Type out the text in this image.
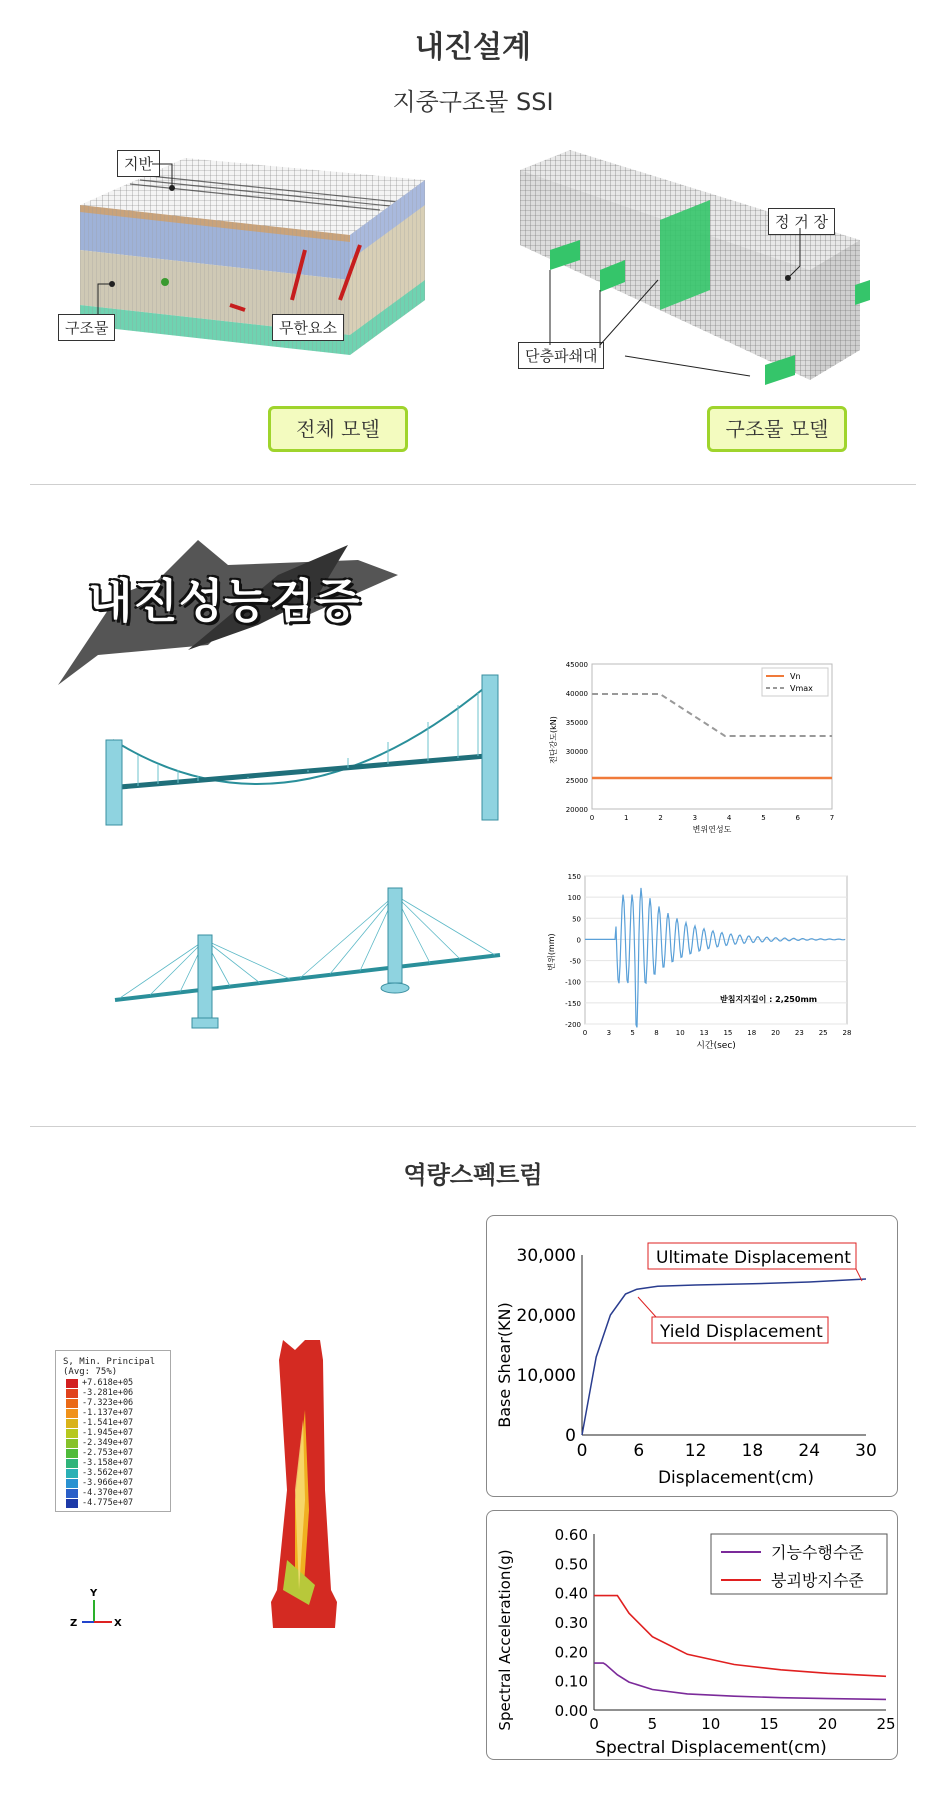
내진설계
지중구조물 SSI
지반
구조물	무한요소
전체 모델
정 거 장
단층파쇄대
구조물 모델
내진성능검증
45000
40000
35000
30000
25000
20000
0	1	2	3	4	5	6	7
Vn
Vmax
전단강도(kN)
변위연성도
150
100
50
0
-50
-100
-150
-200
0	3	5	8 10 13 15 18 20 23 25 28
받침지지길이 : 2,250mm
변위(mm)
시간(sec)
역량스펙트럼
S, Min. Principal
(Avg: 75%)
+7.618e+05
-3.281e+06
-7.323e+06
-1.137e+07
-1.541e+07
-1.945e+07
-2.349e+07
-2.753e+07
-3.158e+07
-3.562e+07
-3.966e+07
-4.370e+07
-4.775e+07
Y
Z	X
0
10,000
20,000
30,000
0	6 12 18 24 30
Ultimate Displacement
Yield Displacement
Base Shear(KN)
Displacement(cm)
0.00
0.10
0.20
0.30
0.40
0.50
0.60
0	5	10	15	20	25
기능수행수준
붕괴방지수준
Spectral Acceleration(g)
Spectral Displacement(cm)
